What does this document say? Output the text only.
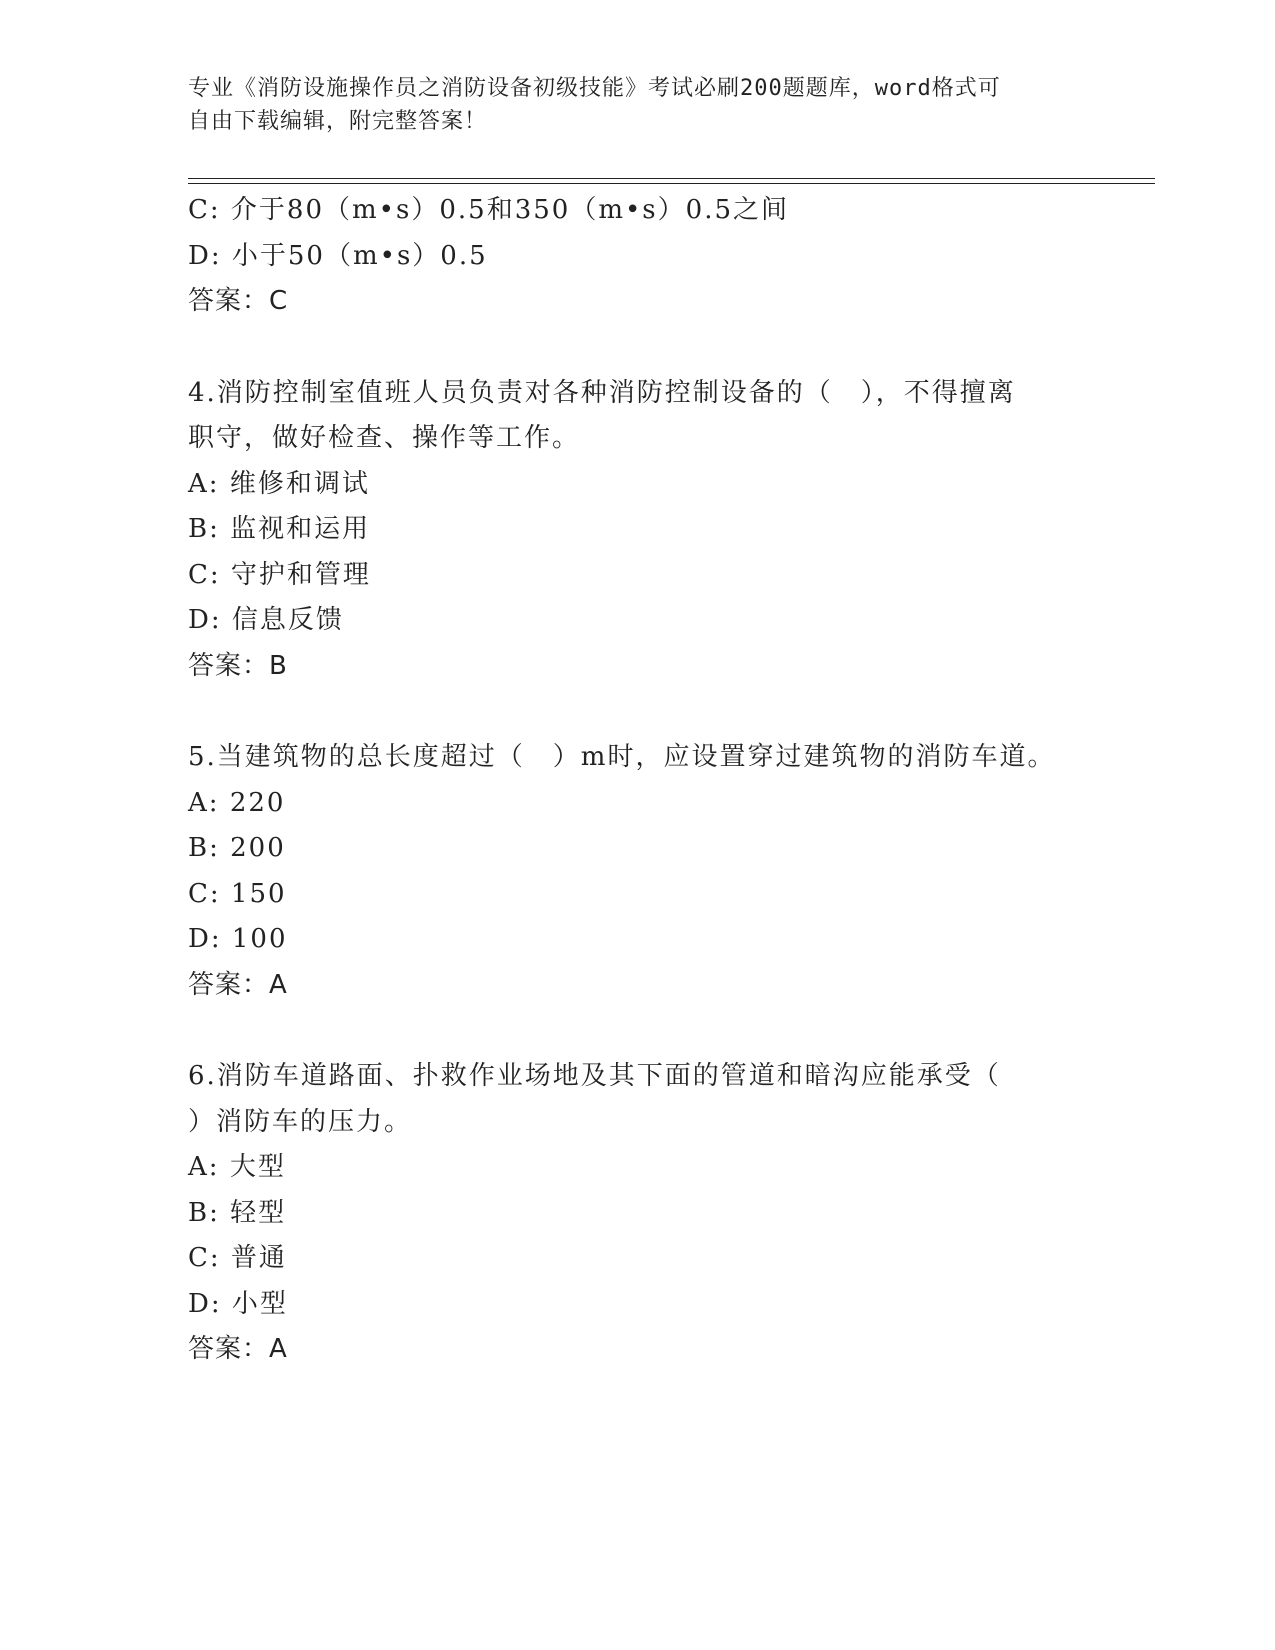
专业《消防设施操作员之消防设备初级技能》考试必刷200题题库，word格式可
自由下载编辑，附完整答案！
C: 介于80（m•s）0.5和350（m•s）0.5之间
D: 小于50（m•s）0.5
答案：C
4.消防控制室值班人员负责对各种消防控制设备的（　），不得擅离
职守，做好检查、操作等工作。
A: 维修和调试
B: 监视和运用
C: 守护和管理
D: 信息反馈
答案：B
5.当建筑物的总长度超过（　）m时，应设置穿过建筑物的消防车道。
A: 220
B: 200
C: 150
D: 100
答案：A
6.消防车道路面、扑救作业场地及其下面的管道和暗沟应能承受（
）消防车的压力。
A: 大型
B: 轻型
C: 普通
D: 小型
答案：A
